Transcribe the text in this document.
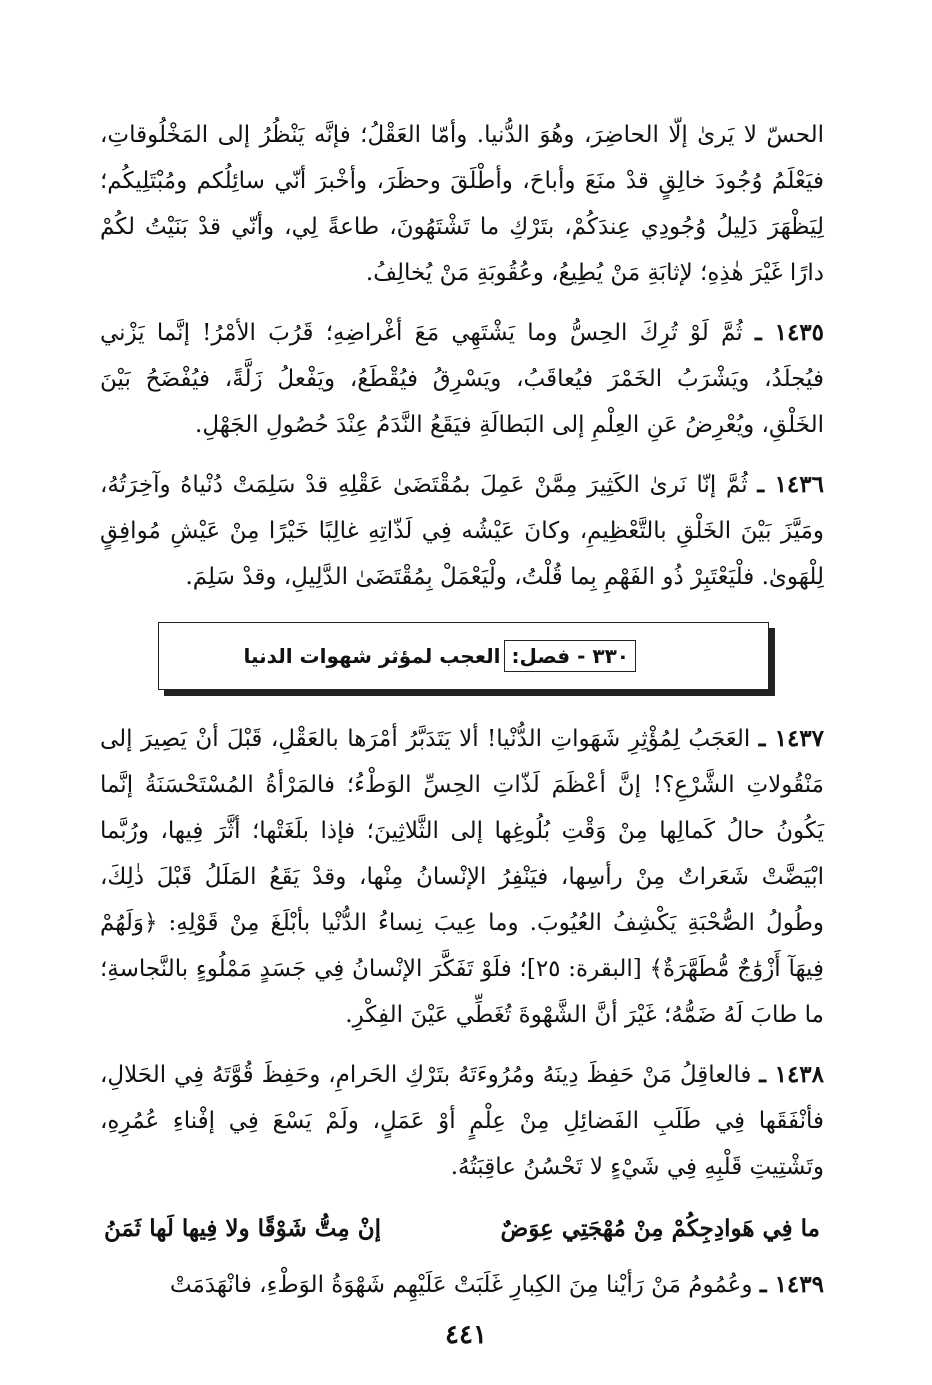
الحسّ لا يَرىٰ إلّا الحاضِرَ، وهُوَ الدُّنيا. وأمّا العَقْلُ؛ فإنَّه يَنْظُرُ إلى المَخْلُوقاتِ، فيَعْلَمُ وُجُودَ خالِقٍ قدْ منَعَ وأباحَ، وأطْلَقَ وحظَرَ، وأخْبرَ أنّي سائِلُكم ومُبْتَلِيكُم؛ لِيَظْهَرَ دَلِيلُ وُجُودِي عِندَكُمْ، بتَرْكِ ما تَشْتَهُونَ، طاعةً لِي، وأنّي قدْ بَنَيْتُ لكُمْ دارًا غَيْرَ هٰذِهِ؛ لإثابَةِ مَنْ يُطِيعُ، وعُقُوبَةِ مَنْ يُخالِفُ.

١٤٣٥ ـ ثُمَّ لَوْ تُرِكَ الحِسُّ وما يَشْتَهِي مَعَ أغْراضِهِ؛ قَرُبَ الأمْرُ! إنَّما يَزْني فيُجلَدُ، ويَشْرَبُ الخَمْرَ فيُعاقَبُ، ويَسْرِقُ فيُقْطَعُ، ويَفْعلُ زَلَّةً، فيُفْضَحُ بَيْنَ الخَلْقِ، ويُعْرِضُ عَنِ العِلْمِ إلى البَطالَةِ فيَقَعُ النَّدَمُ عِنْدَ حُصُولِ الجَهْلِ.

١٤٣٦ ـ ثُمَّ إنّا نَرىٰ الكَثِيرَ مِمَّنْ عَمِلَ بمُقْتَضَىٰ عَقْلِهِ قدْ سَلِمَتْ دُنْياهُ وآخِرَتُهُ، ومَيَّزَ بَيْنَ الخَلْقِ بالتَّعْظِيمِ، وكانَ عَيْشُه فِي لَذّاتِهِ غالِبًا خَيْرًا مِنْ عَيْشِ مُوافِقٍ لِلْهَوىٰ. فلْيَعْتَبِرْ ذُو الفَهْمِ بِما قُلْتُ، ولْيَعْمَلْ بِمُقْتَضَىٰ الدَّلِيلِ، وقدْ سَلِمَ.

٣٣٠ - فصل:
العجب لمؤثر شهوات الدنيا

١٤٣٧ ـ العَجَبُ لِمُؤْثِرِ شَهَواتِ الدُّنْيا! ألا يَتَدَبَّرُ أمْرَها بالعَقْلِ، قَبْلَ أنْ يَصِيرَ إلى مَنْقُولاتِ الشَّرْعِ؟! إنَّ أعْظَمَ لَذّاتِ الحِسِّ الوَطْءُ؛ فالمَرْأةُ المُسْتَحْسَنَةُ إنَّما يَكُونُ حالُ كَمالِها مِنْ وَقْتِ بُلُوغِها إلى الثَّلاثِينَ؛ فإذا بلَغَتْها؛ أثَّرَ فِيها، ورُبَّما ابْيَضَّتْ شَعَراتٌ مِنْ رأسِها، فيَنْفِرُ الإنْسانُ مِنْها، وقدْ يَقَعُ المَلَلُ قَبْلَ ذٰلِكَ، وطُولُ الصُّحْبَةِ يَكْشِفُ العُيُوبَ. وما عِيبَ نِساءُ الدُّنْيا بأبْلَغَ مِنْ قَوْلِهِ: ﴿وَلَهُمْ فِيهَآ أَزْوَٰجٌ مُّطَهَّرَةٌ﴾ [البقرة: ٢٥]؛ فلَوْ تَفَكَّرَ الإنْسانُ فِي جَسَدٍ مَمْلُوءٍ بالنَّجاسةِ؛ ما طابَ لَهُ ضَمُّهُ؛ غَيْرَ أنَّ الشَّهْوةَ تُغَطِّي عَيْنَ الفِكْرِ.

١٤٣٨ ـ فالعاقِلُ مَنْ حَفِظَ دِينَهُ ومُرُوءَتَهُ بتَرْكِ الحَرامِ، وحَفِظَ قُوَّتَهُ فِي الحَلالِ، فأنْفَقَها فِي طَلَبِ الفَضائِلِ مِنْ عِلْمٍ أوْ عَمَلٍ، ولَمْ يَسْعَ فِي إفْناءِ عُمُرِهِ، وتَشْتِيتِ قَلْبِهِ فِي شَيْءٍ لا تَحْسُنُ عاقِبَتُهُ.

ما فِي هَوادِجِكُمْ مِنْ مُهْجَتِي عِوَضٌ
إنْ مِتُّ شَوْقًا ولا فِيها لَها ثَمَنُ

١٤٣٩ ـ وعُمُومُ مَنْ رَأيْنا مِنَ الكِبارِ غَلَبَتْ عَلَيْهِم شَهْوَةُ الوَطْءِ، فانْهَدَمَتْ

٤٤١
